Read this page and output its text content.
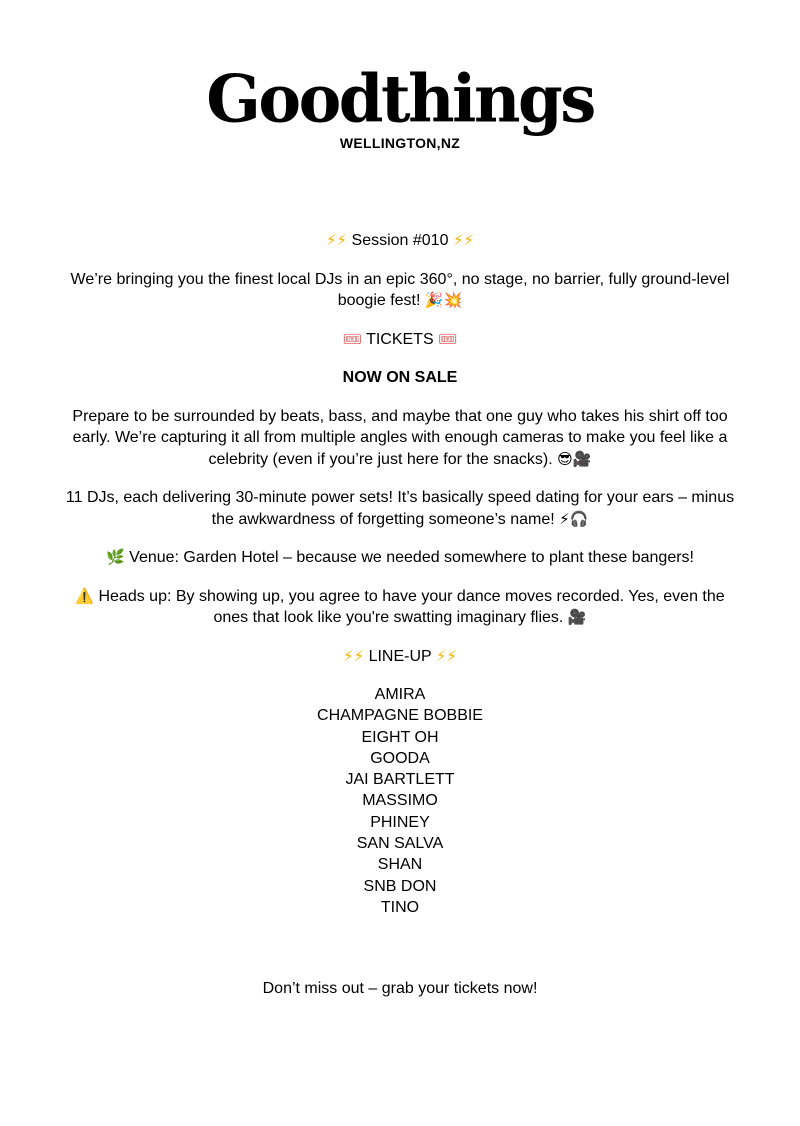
Goodthings
WELLINGTON,NZ

⚡⚡ Session #010 ⚡⚡

We’re bringing you the finest local DJs in an epic 360°, no stage, no barrier, fully ground-level boogie fest! 🎉💥

🎟 TICKETS 🎟

NOW ON SALE

Prepare to be surrounded by beats, bass, and maybe that one guy who takes his shirt off too early. We’re capturing it all from multiple angles with enough cameras to make you feel like a celebrity (even if you’re just here for the snacks). 😎🎥

11 DJs, each delivering 30-minute power sets! It’s basically speed dating for your ears – minus the awkwardness of forgetting someone’s name! ⚡🎧

🌿 Venue: Garden Hotel – because we needed somewhere to plant these bangers!

⚠️ Heads up: By showing up, you agree to have your dance moves recorded. Yes, even the ones that look like you're swatting imaginary flies. 🎥

⚡⚡ LINE-UP ⚡⚡

AMIRA
CHAMPAGNE BOBBIE
EIGHT OH
GOODA
JAI BARTLETT
MASSIMO
PHINEY
SAN SALVA
SHAN
SNB DON
TINO
Don’t miss out – grab your tickets now!
